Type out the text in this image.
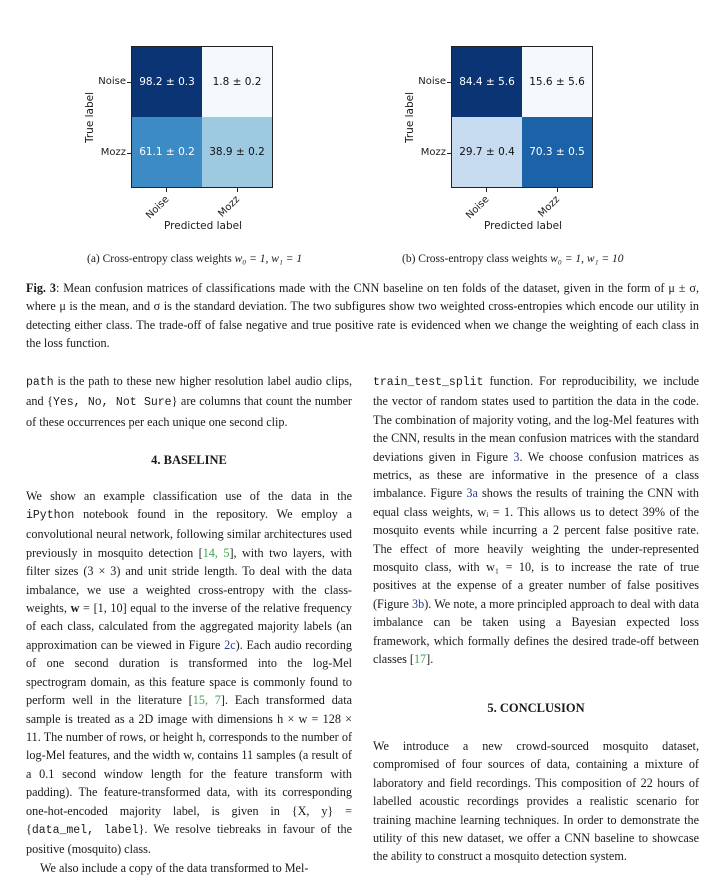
True label
Noise
Mozz
98.2 ± 0.3	1.8 ± 0.2
61.1 ± 0.2	38.9 ± 0.2
Noise	Mozz
Predicted label
True label
Noise
Mozz
84.4 ± 5.6	15.6 ± 5.6
29.7 ± 0.4	70.3 ± 0.5
Noise	Mozz
Predicted label
(a) Cross-entropy class weights w₀ = 1, w₁ = 1	(b) Cross-entropy class weights w₀ = 1, w₁ = 10
Fig. 3: Mean confusion matrices of classifications made with the CNN baseline on ten folds of the dataset, given in the form of μ ± σ, where μ is the mean, and σ is the standard deviation. The two subfigures show two weighted cross-entropies which encode our utility in detecting either class. The trade-off of false negative and true positive rate is evidenced when we change the weighting of each class in the loss function.

path is the path to these new higher resolution label audio clips, and {Yes, No, Not Sure} are columns that count the number of these occurrences per each unique one second clip.

4. BASELINE

We show an example classification use of the data in the iPython notebook found in the repository. We employ a convolutional neural network, following similar architectures used previously in mosquito detection [14, 5], with two layers, with filter sizes (3 × 3) and unit stride length. To deal with the data imbalance, we use a weighted cross-entropy with the class-weights, w = [1, 10] equal to the inverse of the relative frequency of each class, calculated from the aggregated majority labels (an approximation can be viewed in Figure 2c). Each audio recording of one second duration is transformed into the log-Mel spectrogram domain, as this feature space is commonly found to perform well in the literature [15, 7]. Each transformed data sample is treated as a 2D image with dimensions h × w = 128 × 11. The number of rows, or height h, corresponds to the number of log-Mel features, and the width w, contains 11 samples (a result of a 0.1 second window length for the feature transform with padding). The feature-transformed data, with its corresponding one-hot-encoded majority label, is given in {X, y} = {data_mel, label}. We resolve tiebreaks in favour of the positive (mosquito) class.

We also include a copy of the data transformed to Mel-

train_test_split function. For reproducibility, we include the vector of random states used to partition the data in the code. The combination of majority voting, and the log-Mel features with the CNN, results in the mean confusion matrices with the standard deviations given in Figure 3. We choose confusion matrices as metrics, as these are informative in the presence of a class imbalance. Figure 3a shows the results of training the CNN with equal class weights, wᵢ = 1. This allows us to detect 39% of the mosquito events while incurring a 2 percent false positive rate. The effect of more heavily weighting the under-represented mosquito class, with w₁ = 10, is to increase the rate of true positives at the expense of a greater number of false positives (Figure 3b). We note, a more principled approach to deal with data imbalance can be taken using a Bayesian expected loss framework, which formally defines the desired trade-off between classes [17].

5. CONCLUSION

We introduce a new crowd-sourced mosquito dataset, compromised of four sources of data, containing a mixture of laboratory and field recordings. This composition of 22 hours of labelled acoustic recordings provides a realistic scenario for training machine learning techniques. In order to demonstrate the utility of this new dataset, we offer a CNN baseline to showcase the ability to construct a mosquito detection system.
